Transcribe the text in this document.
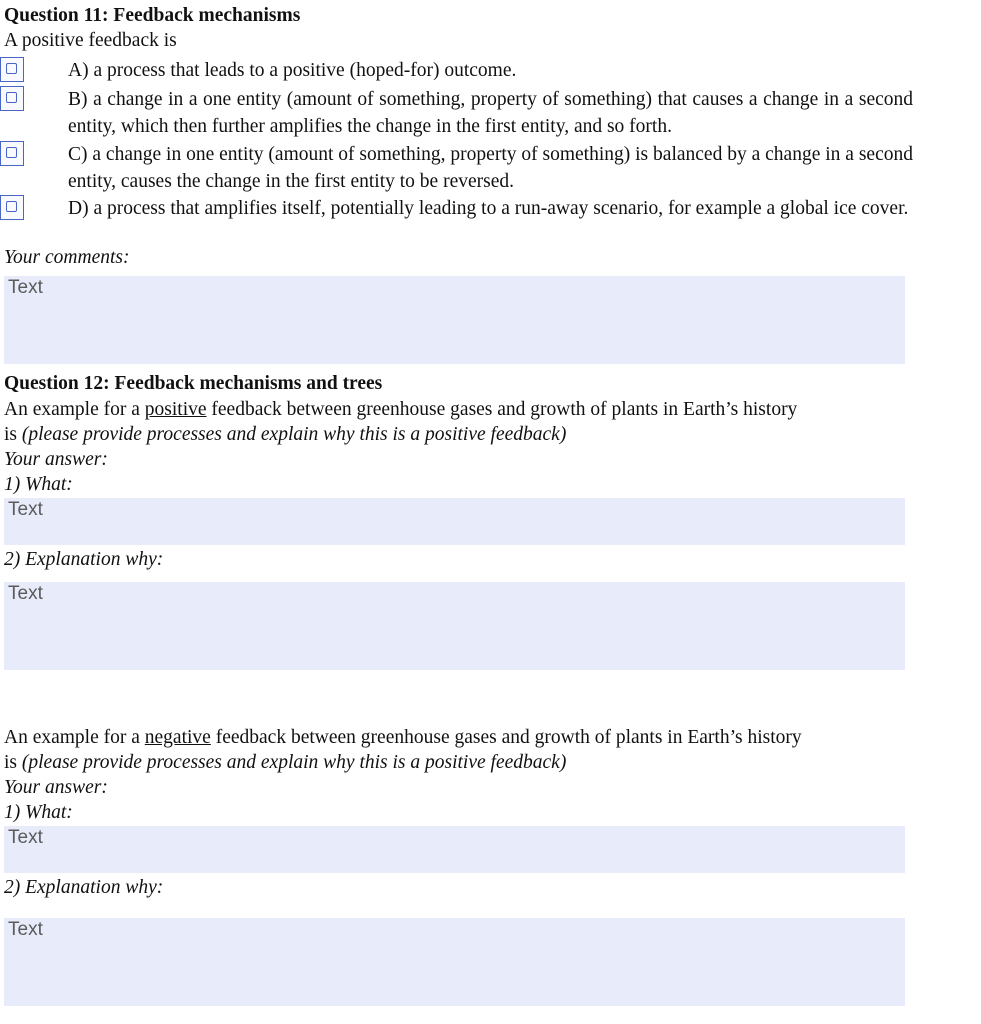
Question 11: Feedback mechanisms
A positive feedback is
A) a process that leads to a positive (hoped-for) outcome.
B) a change in a one entity (amount of something, property of something) that causes a change in a second entity, which then further amplifies the change in the first entity, and so forth.
C) a change in one entity (amount of something, property of something) is balanced by a change in a second entity, causes the change in the first entity to be reversed.
D) a process that amplifies itself, potentially leading to a run-away scenario, for example a global ice cover.
Your comments:
Text
Question 12: Feedback mechanisms and trees
An example for a positive feedback between greenhouse gases and growth of plants in Earth’s history
is (please provide processes and explain why this is a positive feedback)
Your answer:
1) What:
Text
2) Explanation why:
Text
An example for a negative feedback between greenhouse gases and growth of plants in Earth’s history
is (please provide processes and explain why this is a positive feedback)
Your answer:
1) What:
Text
2) Explanation why:
Text
